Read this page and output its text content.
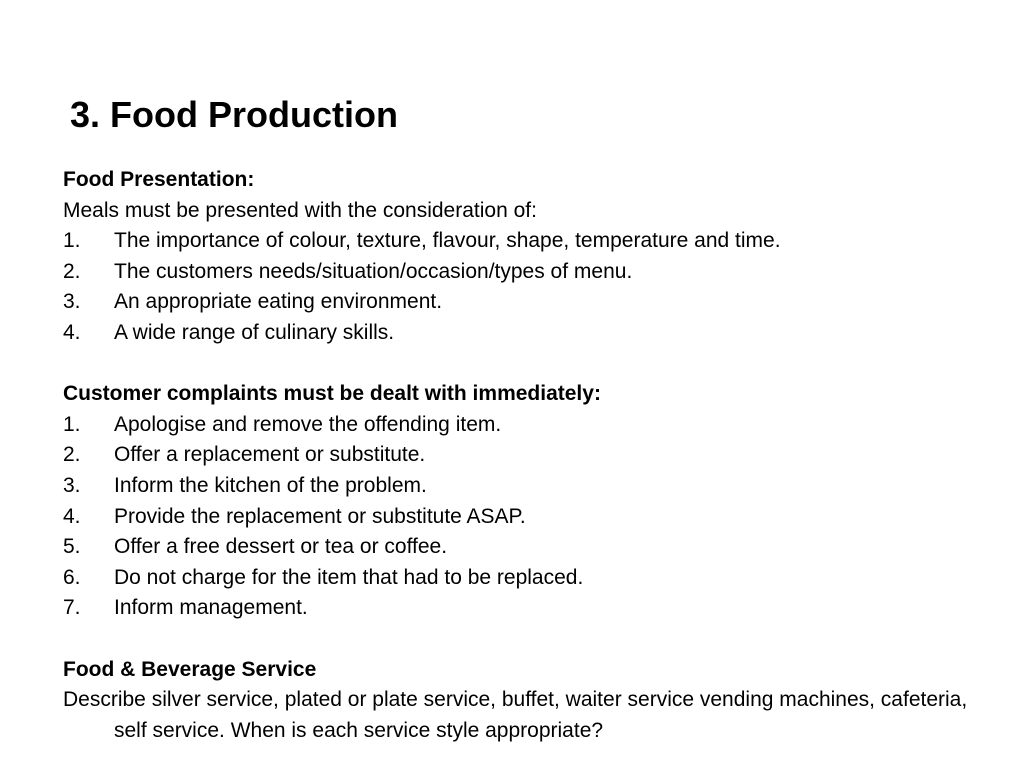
3. Food Production
Food Presentation:
Meals must be presented with the consideration of:
1.	The importance of colour, texture, flavour, shape, temperature and time.
2.	The customers needs/situation/occasion/types of menu.
3.	An appropriate eating environment.
4.	A wide range of culinary skills.
Customer complaints must be dealt with immediately:
1.	Apologise and remove the offending item.
2.	Offer a replacement or substitute.
3.	Inform the kitchen of the problem.
4.	Provide the replacement or substitute ASAP.
5.	Offer a free dessert or tea or coffee.
6.	Do not charge for the item that had to be replaced.
7.	Inform management.
Food & Beverage Service
Describe silver service, plated or plate service, buffet, waiter service vending machines, cafeteria, self service. When is each service style appropriate?
